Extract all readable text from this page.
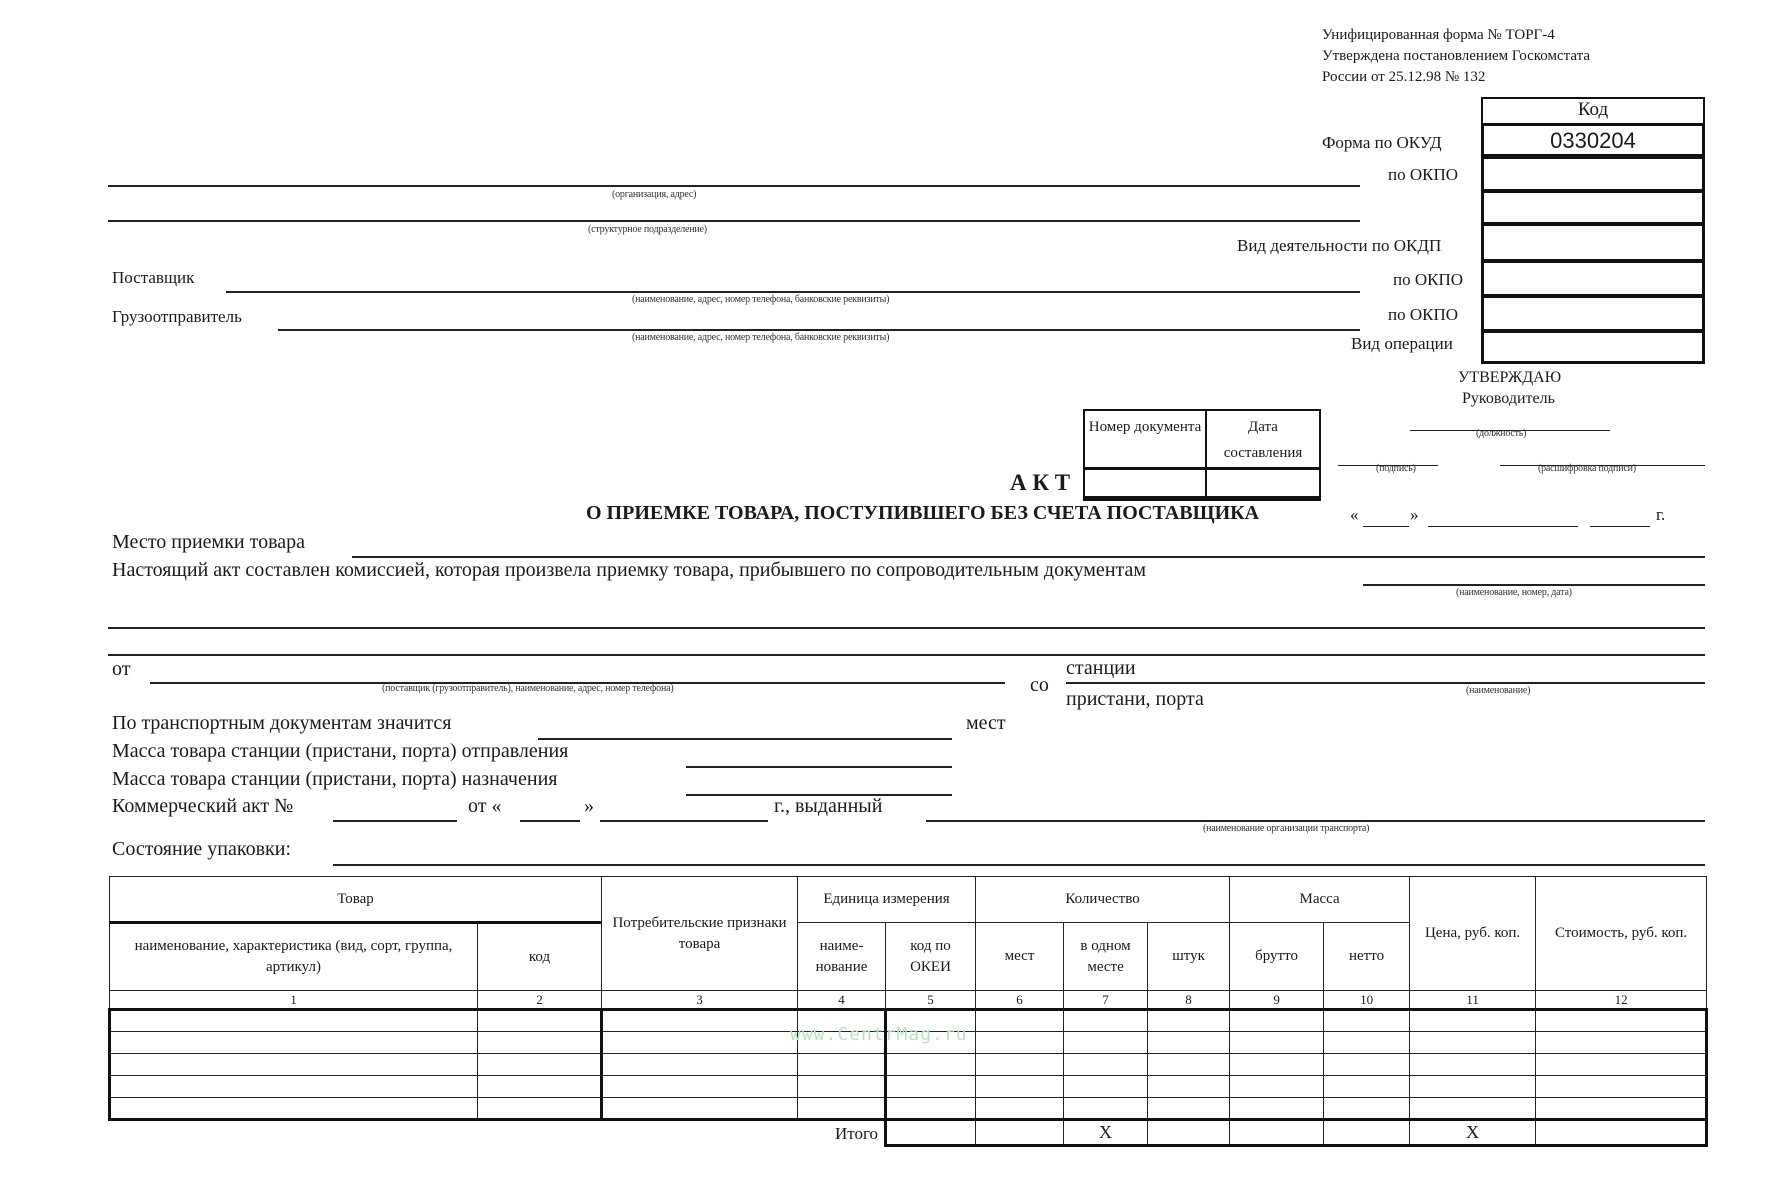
Унифицированная форма № ТОРГ-4
Утверждена постановлением Госкомстата
России от 25.12.98 № 132
Код
0330204
Форма по ОКУД
по ОКПО
Вид деятельности по ОКДП
по ОКПО
по ОКПО
Вид операции
(организация, адрес)
(структурное подразделение)
Поставщик
(наименование, адрес, номер телефона, банковские реквизиты)
Грузоотправитель
(наименование, адрес, номер телефона, банковские реквизиты)
УТВЕРЖДАЮ
Руководитель
(должность)
(подпись)	(расшифровка подписи)
«	»	г.
Номер документа	Дата составления
А К Т
О ПРИЕМКЕ ТОВАРА, ПОСТУПИВШЕГО БЕЗ СЧЕТА ПОСТАВЩИКА
Место приемки товара
Настоящий акт составлен комиссией, которая произвела приемку товара, прибывшего по сопроводительным документам
(наименование, номер, дата)
от
(поставщик (грузоотправитель), наименование, адрес, номер телефона)	со
станции
(наименование)
пристани, порта
По транспортным документам значится	мест
Масса товара станции (пристани, порта) отправления
Масса товара станции (пристани, порта) назначения
Коммерческий акт №	от «	»	г., выданный
(наименование организации транспорта)
Состояние упаковки:
Товар		Потребительские признаки товара	Единица измерения		Количество			Масса		Цена, руб. коп.	Стоимость, руб. коп.
наименование, характеристика (вид, сорт, группа, артикул)	код		наиме- нование	код по ОКЕИ	мест	в одном месте	штук	брутто	нетто		
1	2	3	4	5	6	7	8	9	10	11	12

Итого						X				X	
www.CentrMag.ru
